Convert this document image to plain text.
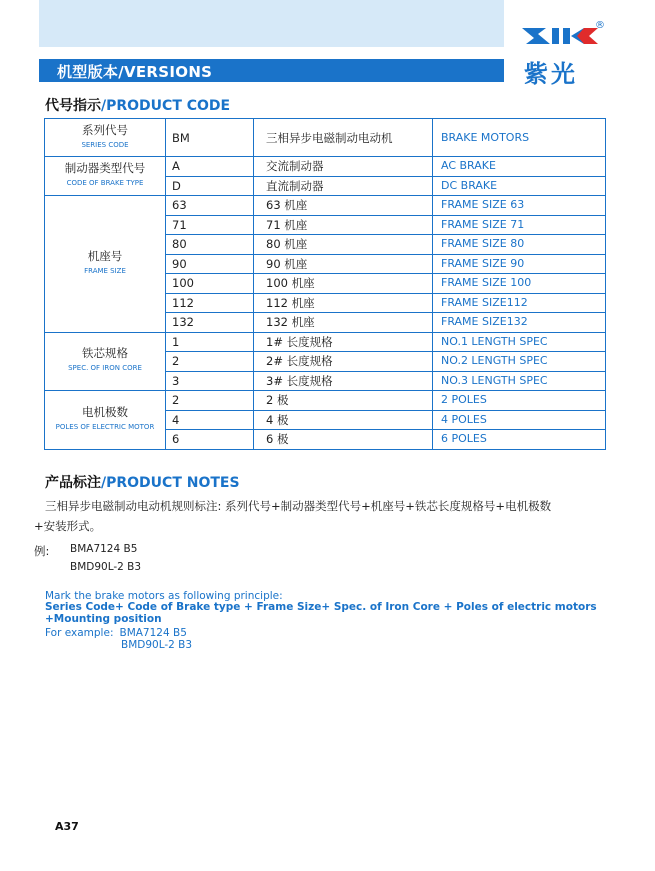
机型版本/VERSIONS
®
紫光
代号指示/PRODUCT CODE
系列代号
SERIES CODE	BM	三相异步电磁制动电动机	BRAKE MOTORS

制动器类型代号
CODE OF BRAKE TYPE	A	交流制动器	AC BRAKE
	D	直流制动器	DC BRAKE

机座号
FRAME SIZE	63	63 机座	FRAME SIZE 63
	71	71 机座	FRAME SIZE 71
	80	80 机座	FRAME SIZE 80
	90	90 机座	FRAME SIZE 90
	100	100 机座	FRAME SIZE 100
	112	112 机座	FRAME SIZE112
	132	132 机座	FRAME SIZE132

铁芯规格
SPEC. OF IRON CORE	1	1# 长度规格	NO.1 LENGTH SPEC
	2	2# 长度规格	NO.2 LENGTH SPEC
	3	3# 长度规格	NO.3 LENGTH SPEC

电机极数
POLES OF ELECTRIC MOTOR	2	2 极	2 POLES
	4	4 极	4 POLES
	6	6 极	6 POLES
产品标注/PRODUCT NOTES
三相异步电磁制动电动机规则标注: 系列代号+制动器类型代号+机座号+铁芯长度规格号+电机极数
+安装形式。
例: BMA7124 B5
BMD90L-2 B3
Mark the brake motors as following principle:
Series Code+ Code of Brake type + Frame Size+ Spec. of Iron Core + Poles of electric motors
+Mounting position
For example: BMA7124 B5
BMD90L-2 B3
A37
